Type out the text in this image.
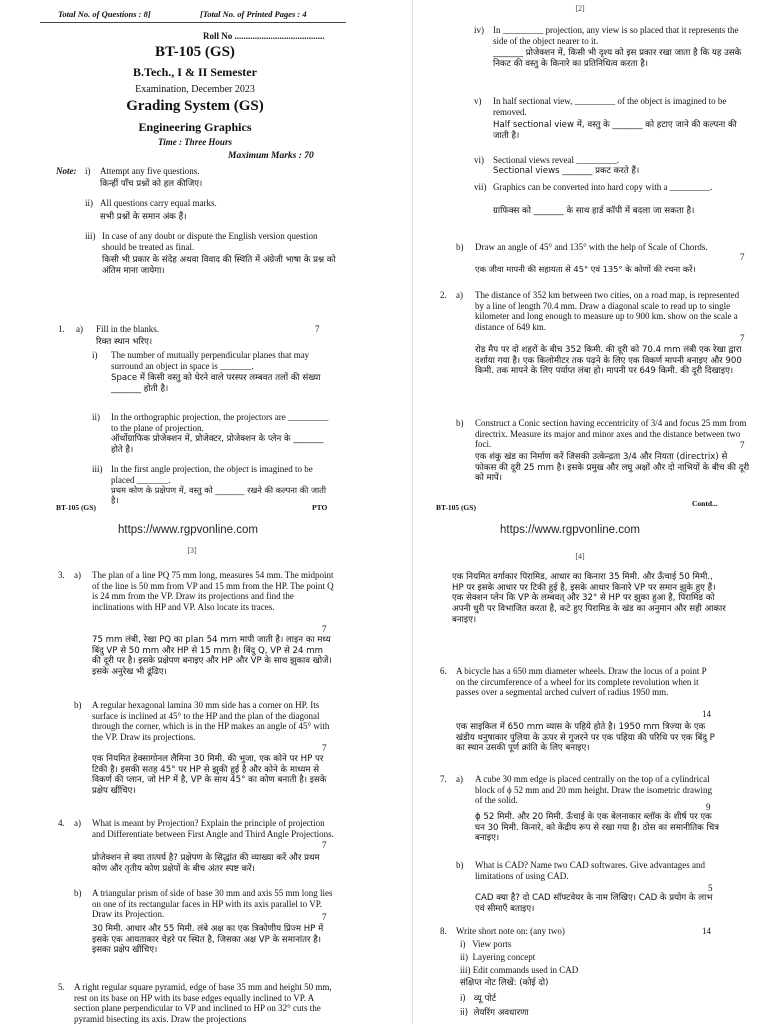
Total No. of Questions : 8]	[Total No. of Printed Pages : 4
Roll No ........................................
BT-105 (GS)
B.Tech., I & II Semester
Examination, December 2023
Grading System (GS)
Engineering Graphics
Time : Three Hours
Maximum Marks : 70
Note: i)	Attempt any five questions.
किन्हीं पाँच प्रश्नों को हल कीजिए।
ii) All questions carry equal marks.
सभी प्रश्नों के समान अंक हैं।
iii) In case of any doubt or dispute the English version question should be treated as final.
किसी भी प्रकार के संदेह अथवा विवाद की स्थिति में अंग्रेजी भाषा के प्रश्न को अंतिम माना जायेगा।
1. a) Fill in the blanks.	7
रिक्त स्थान भरिए।
i)	The number of mutually perpendicular planes that may surround an object in space is _______.
Space में किसी वस्तु को घेरने वाले परस्पर लम्बवत तलों की संख्या _______ होती है।
ii)	In the orthographic projection, the projectors are _________ to the plane of projection.
ऑर्थोग्राफिक प्रोजेक्शन में, प्रोजेक्टर, प्रोजेक्शन के प्लेन के _______ होते है।
iii) In the first angle projection, the object is imagined to be placed _______.
प्रथम कोण के प्रक्षेपण में, वस्तु को _______ रखने की कल्पना की जाती है।
BT-105 (GS)	PTO
https://www.rgpvonline.com	https://www.rgpvonline.com
[2]
iv)	In _________ projection, any view is so placed that it represents the side of the object nearer to it.
_______ प्रोजेक्शन में, किसी भी दृश्य को इस प्रकार रखा जाता है कि यह उसके निकट की वस्तु के किनारे का प्रतिनिधित्व करता है।
v)	In half sectional view, _________ of the object is imagined to be removed.
Half sectional view में, वस्तु के _______ को हटाए जाने की कल्पना की जाती है।
vi)	Sectional views reveal _________.
Sectional views _______ प्रकट करते हैं।
vii) Graphics can be converted into hard copy with a _________.
ग्राफिक्स को _______ के साथ हार्ड कॉपी में बदला जा सकता है।
b) Draw an angle of 45° and 135° with the help of Scale of Chords.
7
एक जीवा मापनी की सहायता से 45° एवं 135° के कोणों की रचना करें।
2. a) The distance of 352 km between two cities, on a road map, is represented by a line of length 70.4 mm. Draw a diagonal scale to read up to single kilometer and long enough to measure up to 900 km. show on the scale a distance of 649 km.
7
रोड मैप पर दो शहरों के बीच 352 किमी. की दूरी को 70.4 mm लंबी एक रेखा द्वारा दर्शाया गया है। एक किलोमीटर तक पढ़ने के लिए एक विकर्ण मापनी बनाइए और 900 किमी. तक मापने के लिए पर्याप्त लंबा हो। मापनी पर 649 किमी. की दूरी दिखाइए।
b) Construct a Conic section having eccentricity of 3/4 and focus 25 mm from directrix. Measure its major and minor axes and the distance between two foci.	7
एक शंकु खंड का निर्माण करें जिसकी उत्केन्द्रता 3/4 और नियता (directrix) से फोकस की दूरी 25 mm है। इसके प्रमुख और लघु अक्षों और दो नाभियों के बीच की दूरी को मापें।
BT-105 (GS)	Contd...
[3]
3. a) The plan of a line PQ 75 mm long, measures 54 mm. The midpoint of the line is 50 mm from VP and 15 mm from the HP. The point Q is 24 mm from the VP. Draw its projections and find the inclinations with HP and VP. Also locate its traces.
7
75 mm लंबी, रेखा PQ का plan 54 mm मापी जाती है। लाइन का मध्य बिंदु VP से 50 mm और HP से 15 mm है। बिंदु Q, VP से 24 mm की दूरी पर है। इसके प्रक्षेपण बनाइए और HP और VP के साथ झुकाव खोजें। इसके अनुरेख भी ढूंढिए।
b) A regular hexagonal lamina 30 mm side has a corner on HP. Its surface is inclined at 45° to the HP and the plan of the diagonal through the corner, which is in the HP makes an angle of 45° with the VP. Draw its projections.
7
एक नियमित हेक्सागोनल लैमिना 30 मिमी. की भुजा, एक कोने पर HP पर टिकी है। इसकी सतह 45° पर HP से झुकी हुई है और कोने के माध्यम से विकर्ण की प्लान, जो HP में है, VP के साथ 45° का कोण बनाती है। इसके प्रक्षेप खींचिए।
4. a) What is meant by Projection? Explain the principle of projection and Differentiate between First Angle and Third Angle Projections.
7
प्रोजेक्शन से क्या तात्पर्य है? प्रक्षेपण के सिद्धांत की व्याख्या करें और प्रथम कोण और तृतीय कोण प्रक्षेपों के बीच अंतर स्पष्ट करें।
b) A triangular prism of side of base 30 mm and axis 55 mm long lies on one of its rectangular faces in HP with its axis parallel to VP. Draw its Projection.	7
30 मिमी. आधार और 55 मिमी. लंबे अक्ष का एक त्रिकोणीय प्रिज्म HP में इसके एक आयताकार चेहरे पर स्थित है, जिसका अक्ष VP के समानांतर है। इसका प्रक्षेप खींचिए।
5. A right regular square pyramid, edge of base 35 mm and height 50 mm, rest on its base on HP with its base edges equally inclined to VP. A section plane perpendicular to VP and inclined to HP on 32° cuts the pyramid bisecting its axis. Draw the projections
[4]
एक नियमित वर्गाकार पिरामिड, आधार का किनारा 35 मिमी. और ऊँचाई 50 मिमी., HP पर इसके आधार पर टिकी हुई है, इसके आधार किनारे VP पर समान झुके हुए हैं। एक सेक्शन प्लेन कि VP के लम्बवत् और 32° से HP पर झुका हुआ है, पिरामिड को अपनी धुरी पर विभाजित करता है, कटे हुए पिरामिड के खंड का अनुमान और सही आकार बनाइए।
6. A bicycle has a 650 mm diameter wheels. Draw the locus of a point P on the circumference of a wheel for its complete revolution when it passes over a segmental arched culvert of radius 1950 mm.
14
एक साइकिल में 650 mm व्यास के पहिये होते है। 1950 mm त्रिज्या के एक खंडीय धनुषाकार पुलिया के ऊपर से गुजरने पर एक पहिया की परिधि पर एक बिंदु P का स्थान उसकी पूर्ण क्रांति के लिए बनाइए।
7. a) A cube 30 mm edge is placed centrally on the top of a cylindrical block of ϕ 52 mm and 20 mm height. Draw the isometric drawing of the solid.
9
ϕ 52 मिमी. और 20 मिमी. ऊँचाई के एक बेलनाकार ब्लॉक के शीर्ष पर एक घन 30 मिमी. किनारे, को केंद्रीय रूप से रखा गया है। ठोस का समानीतिक चित्र बनाइए।
b) What is CAD? Name two CAD softwares. Give advantages and limitations of using CAD.
5
CAD क्या है? दो CAD सॉफ्टवेयर के नाम लिखिए। CAD के प्रयोग के लाभ एवं सीमाएँ बताइए।
8. Write short note on: (any two)	14
i)   View ports
ii)  Layering concept
iii) Edit commands used in CAD
संक्षिप्त नोट लिखें: (कोई दो)
i)   व्यू पोर्ट
ii)  लेयरिंग अवधारणा
